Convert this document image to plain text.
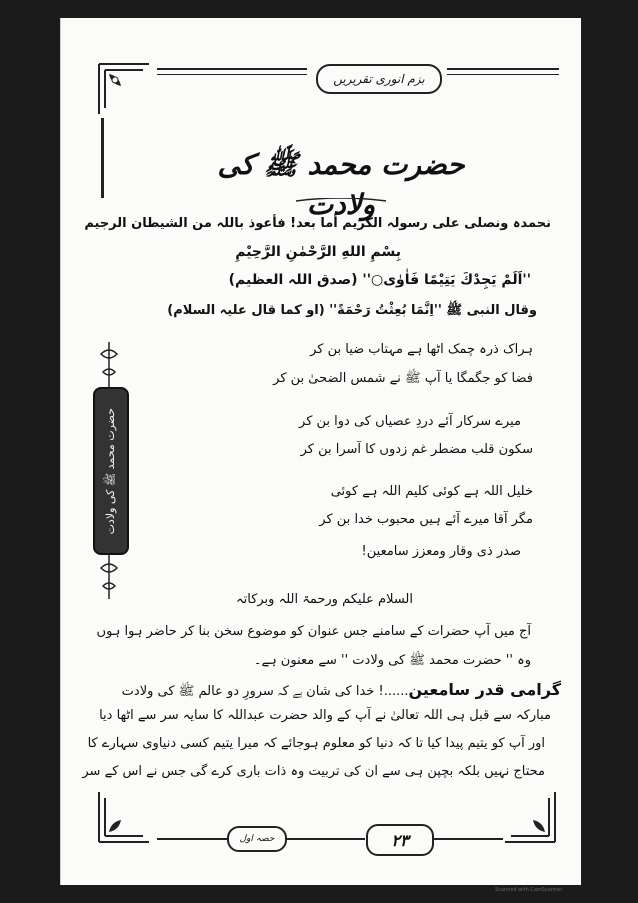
بزم انوری تقریریں
حضرت محمد ﷺ کی ولادت
نحمدہ ونصلی علی رسولہ الکریم أما بعد! فأعوذ باللہ من الشیطان الرجیم
بِسْمِ اللهِ الرَّحْمٰنِ الرَّحِيْمِ
''اَلَمْ یَجِدْكَ یَتِیْمًا فَاٰوٰی○'' (صدق اللہ العظیم)
وقال النبی ﷺ ''اِنَّمَا بُعِثْتُ رَحْمَةً'' (او کما قال علیہ السلام)
ہراک ذرہ چمک اٹھا ہے مہتاب ضیا بن کر
فضا کو جگمگا یا آپ ﷺ نے شمس الضحیٰ بن کر
میرے سرکار آئے دردِ عصیاں کی دوا بن کر
سکون قلب مضطر غم زدوں کا آسرا بن کر
خلیل اللہ ہے کوئی کلیم اللہ ہے کوئی
مگر آقا میرے آئے ہیں محبوب خدا بن کر
صدر ذی وقار ومعزز سامعین!
السلام علیکم ورحمۃ اللہ وبرکاتہ
آج میں آپ حضرات کے سامنے جس عنوان کو موضوع سخن بنا کر حاضر ہوا ہوں
وہ '' حضرت محمد ﷺ کی ولادت '' سے معنون ہے۔
گرامی قدر سامعین......! خدا کی شان ہے کہ سرورِ دو عالم ﷺ کی ولادت
مبارکہ سے قبل ہی اللہ تعالیٰ نے آپ کے والد حضرت عبداللہ کا سایہ سر سے اٹھا دیا
اور آپ کو یتیم پیدا کیا تا کہ دنیا کو معلوم ہوجائے کہ میرا یتیم کسی دنیاوی سہارے کا
محتاج نہیں بلکہ بچپن ہی سے ان کی تربیت وہ ذات باری کرے گی جس نے اس کے سر
حضرت محمد ﷺ کی ولادت
حصہ اول	۲۳
Scanned with CamScanner
